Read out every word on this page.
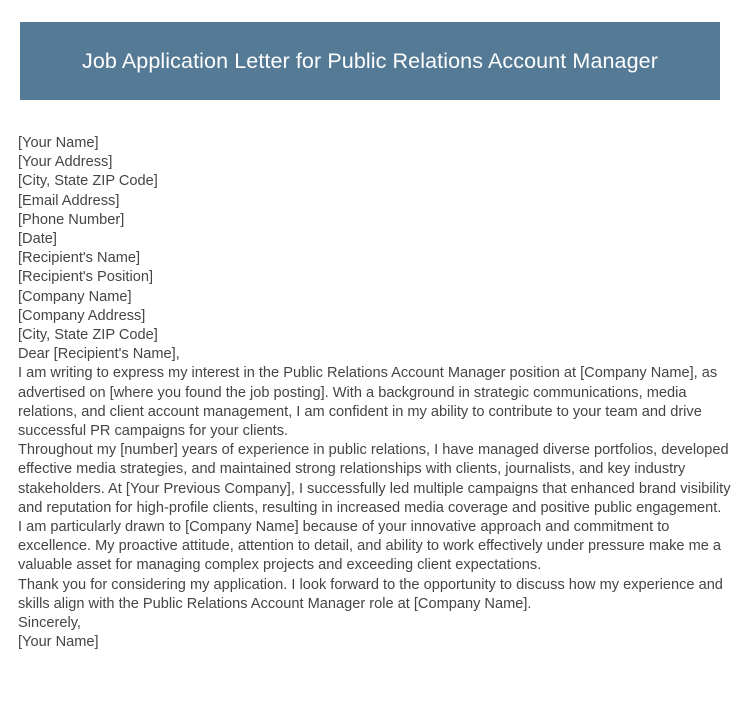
Job Application Letter for Public Relations Account Manager

[Your Name]

[Your Address]

[City, State ZIP Code]

[Email Address]

[Phone Number]

[Date]

[Recipient's Name]

[Recipient's Position]

[Company Name]

[Company Address]

[City, State ZIP Code]

Dear [Recipient's Name],

I am writing to express my interest in the Public Relations Account Manager position at [Company Name], as advertised on [where you found the job posting]. With a background in strategic communications, media relations, and client account management, I am confident in my ability to contribute to your team and drive successful PR campaigns for your clients.

Throughout my [number] years of experience in public relations, I have managed diverse portfolios, developed effective media strategies, and maintained strong relationships with clients, journalists, and key industry stakeholders. At [Your Previous Company], I successfully led multiple campaigns that enhanced brand visibility and reputation for high-profile clients, resulting in increased media coverage and positive public engagement.

I am particularly drawn to [Company Name] because of your innovative approach and commitment to excellence. My proactive attitude, attention to detail, and ability to work effectively under pressure make me a valuable asset for managing complex projects and exceeding client expectations.

Thank you for considering my application. I look forward to the opportunity to discuss how my experience and skills align with the Public Relations Account Manager role at [Company Name].

Sincerely,

[Your Name]
